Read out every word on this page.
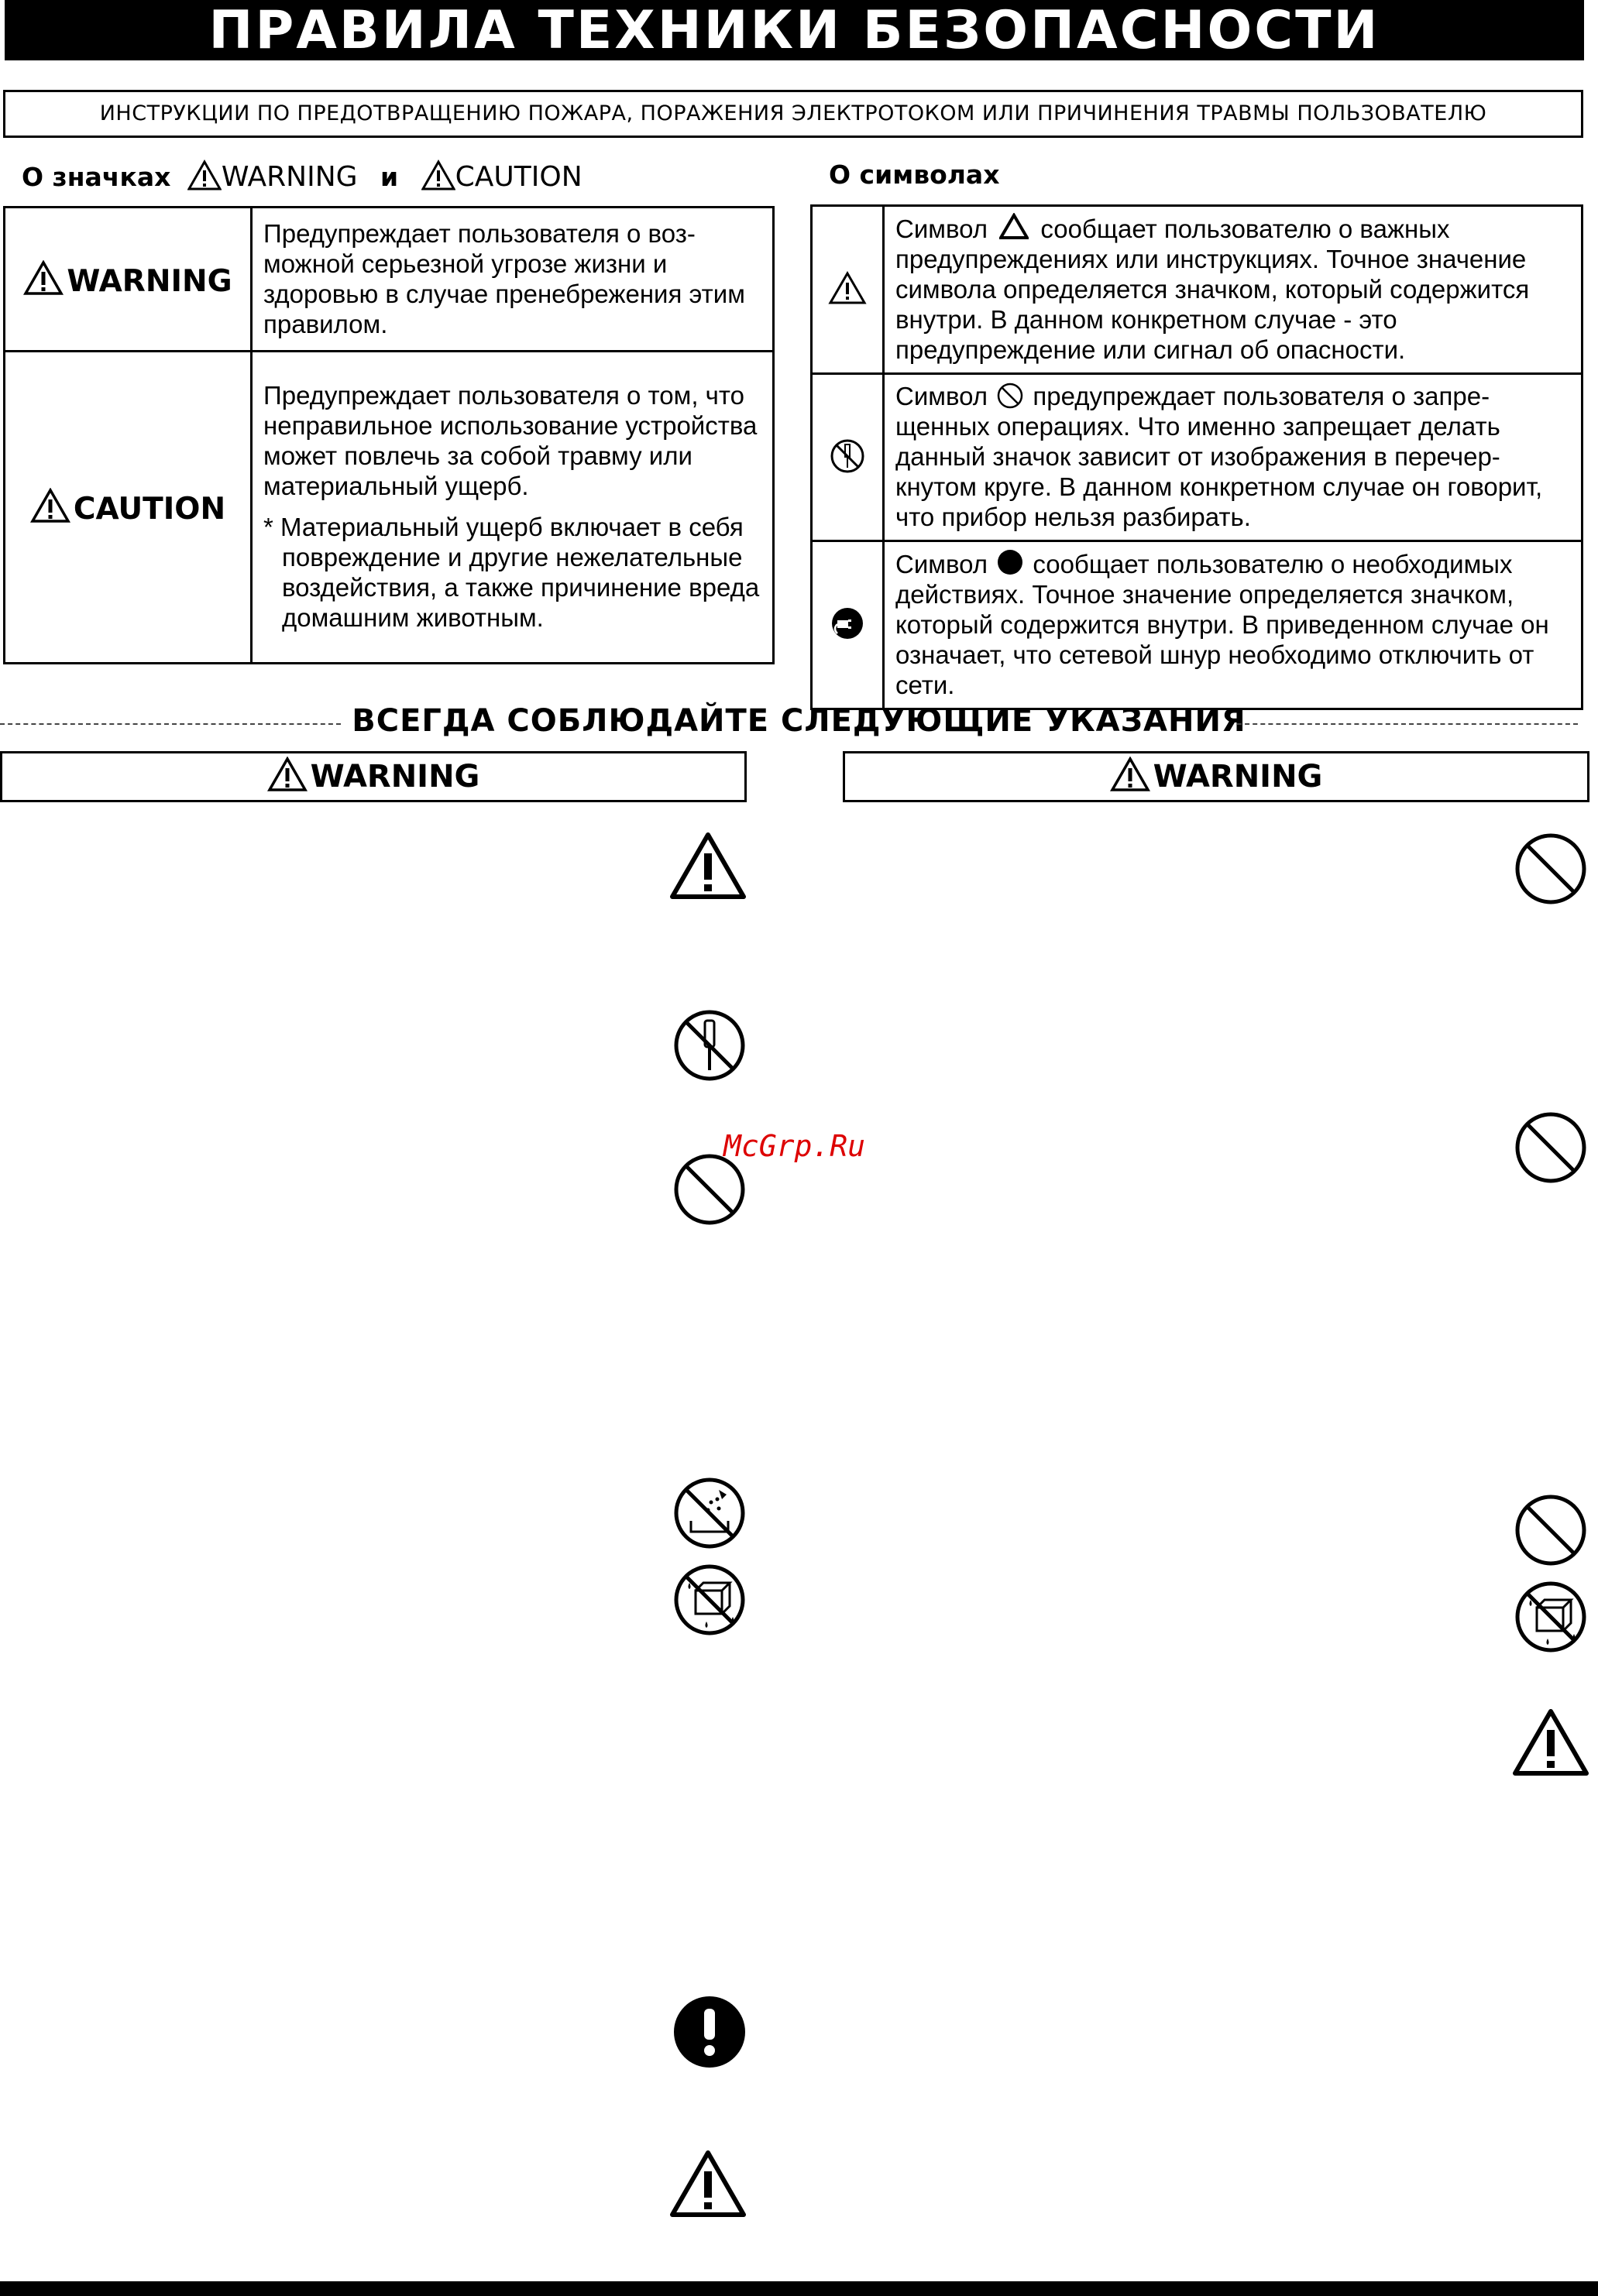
ПРАВИЛА ТЕХНИКИ БЕЗОПАСНОСТИ
ИНСТРУКЦИИ ПО ПРЕДОТВРАЩЕНИЮ ПОЖАРА, ПОРАЖЕНИЯ ЭЛЕКТРОТОКОМ ИЛИ ПРИЧИНЕНИЯ ТРАВМЫ ПОЛЬЗОВАТЕЛЮ
О значках WARNING и CAUTION
WARNING	Предупреждает пользователя о возможной серьезной угрозе жизни и здоровью в случае пренебрежения этим правилом.
CAUTION	Предупреждает пользователя о том, что неправильное использование устройства может повлечь за собой травму или материальный ущерб.
* Материальный ущерб включает в себя повреждение и другие нежелательные воздействия, а также причинение вреда домашним животным.
О символах
	Символ сообщает пользователю о важных предупреждениях или инструкциях. Точное значение символа определяется значком, который содержится внутри. В данном конкретном случае - это предупреждение или сигнал об опасности.
	Символ предупреждает пользователя о запрещенных операциях. Что именно запрещает делать данный значок зависит от изображения в перечеркнутом круге. В данном конкретном случае он говорит, что прибор нельзя разбирать.
	Символ сообщает пользователю о необходимых действиях. Точное значение определяется значком, который содержится внутри. В приведенном случае он означает, что сетевой шнур необходимо отключить от сети.
ВСЕГДА СОБЛЮДАЙТЕ СЛЕДУЮЩИЕ УКАЗАНИЯ
WARNING	WARNING
McGrp.Ru
